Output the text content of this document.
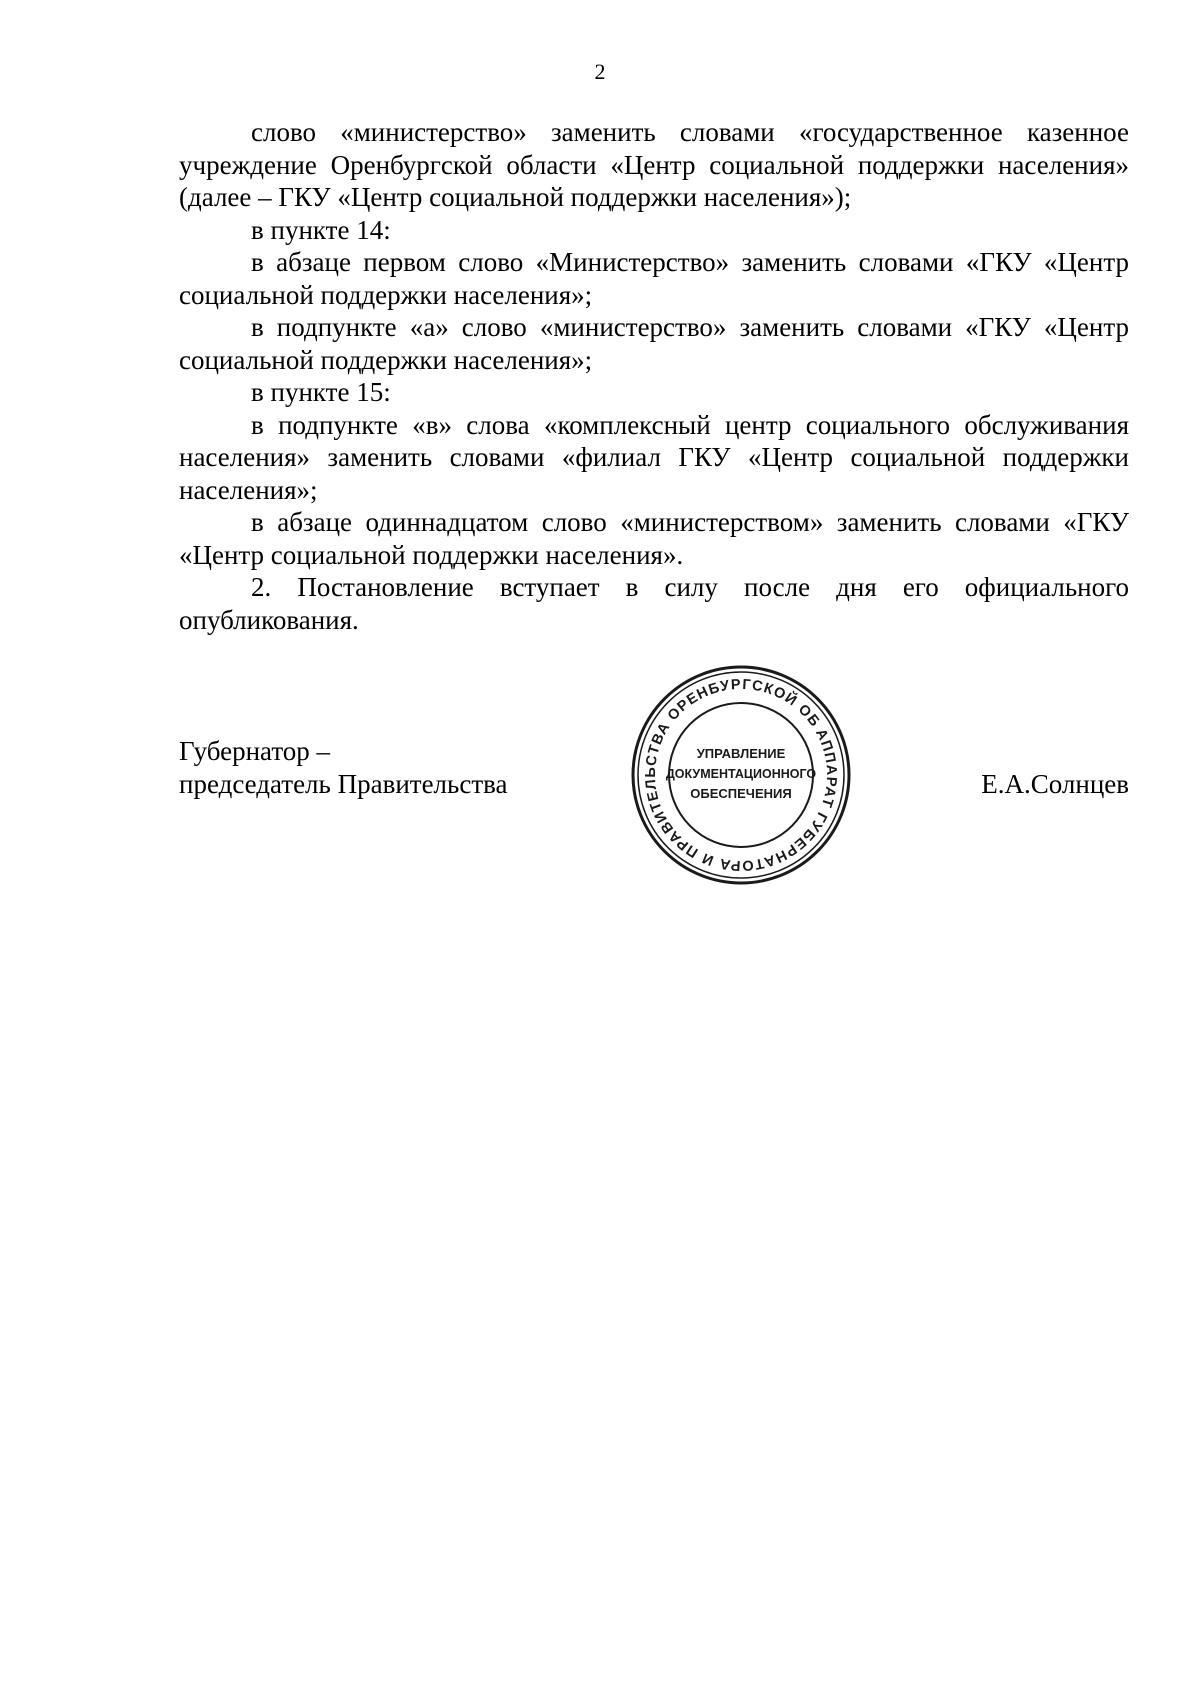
2

слово «министерство» заменить словами «государственное казенное учреждение Оренбургской области «Центр социальной поддержки населения» (далее – ГКУ «Центр социальной поддержки населения»);

в пункте 14:

в абзаце первом слово «Министерство» заменить словами «ГКУ «Центр социальной поддержки населения»;

в подпункте «а» слово «министерство» заменить словами «ГКУ «Центр социальной поддержки населения»;

в пункте 15:

в подпункте «в» слова «комплексный центр социального обслуживания населения» заменить словами «филиал ГКУ «Центр социальной поддержки населения»;

в абзаце одиннадцатом слово «министерством» заменить словами «ГКУ «Центр социальной поддержки населения».

2. Постановление вступает в силу после дня его официального опубликования.

Губернатор –
председатель Правительства	Е.А.Солнцев
АППАРАТ ГУБЕРНАТОРА И ПРАВИТЕЛЬСТВА ОРЕНБУРГСКОЙ ОБЛАСТИ
УПРАВЛЕНИЕ
ДОКУМЕНТАЦИОННОГО
ОБЕСПЕЧЕНИЯ
